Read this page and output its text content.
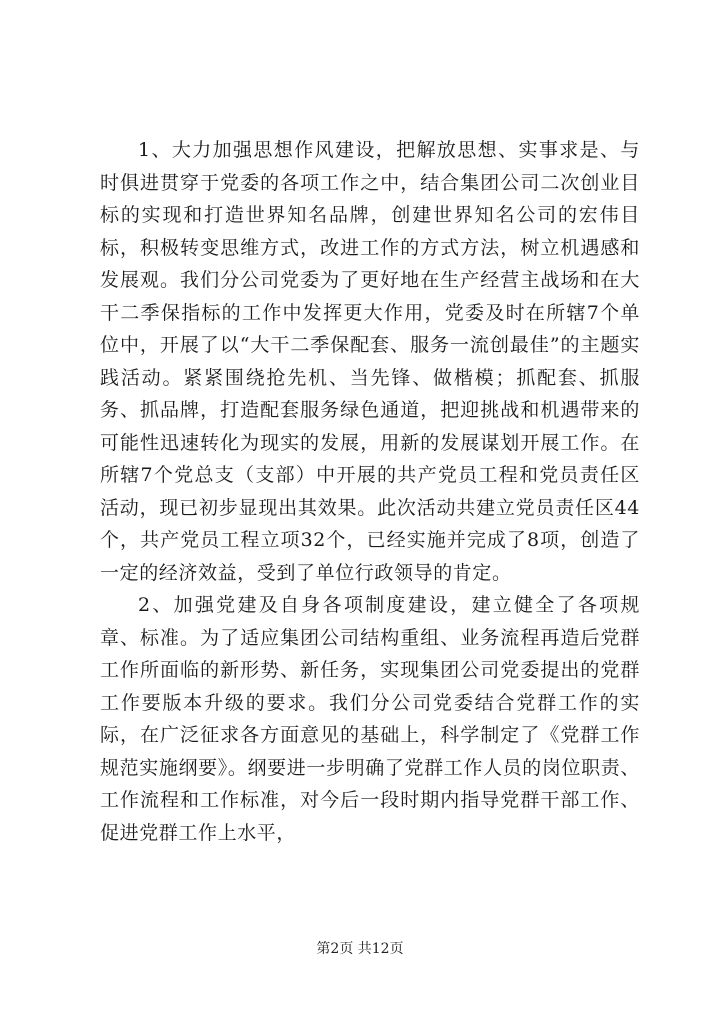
1、大力加强思想作风建设，把解放思想、实事求是、与时俱进贯穿于党委的各项工作之中，结合集团公司二次创业目标的实现和打造世界知名品牌，创建世界知名公司的宏伟目标，积极转变思维方式，改进工作的方式方法，树立机遇感和发展观。我们分公司党委为了更好地在生产经营主战场和在大干二季保指标的工作中发挥更大作用，党委及时在所辖7个单位中，开展了以“大干二季保配套、服务一流创最佳”的主题实践活动。紧紧围绕抢先机、当先锋、做楷模；抓配套、抓服务、抓品牌，打造配套服务绿色通道，把迎挑战和机遇带来的可能性迅速转化为现实的发展，用新的发展谋划开展工作。在所辖7个党总支（支部）中开展的共产党员工程和党员责任区活动，现已初步显现出其效果。此次活动共建立党员责任区44个，共产党员工程立项32个，已经实施并完成了8项，创造了一定的经济效益，受到了单位行政领导的肯定。

2、加强党建及自身各项制度建设，建立健全了各项规章、标准。为了适应集团公司结构重组、业务流程再造后党群工作所面临的新形势、新任务，实现集团公司党委提出的党群工作要版本升级的要求。我们分公司党委结合党群工作的实际，在广泛征求各方面意见的基础上，科学制定了《党群工作规范实施纲要》。纲要进一步明确了党群工作人员的岗位职责、工作流程和工作标准，对今后一段时期内指导党群干部工作、促进党群工作上水平，

第2页 共12页
